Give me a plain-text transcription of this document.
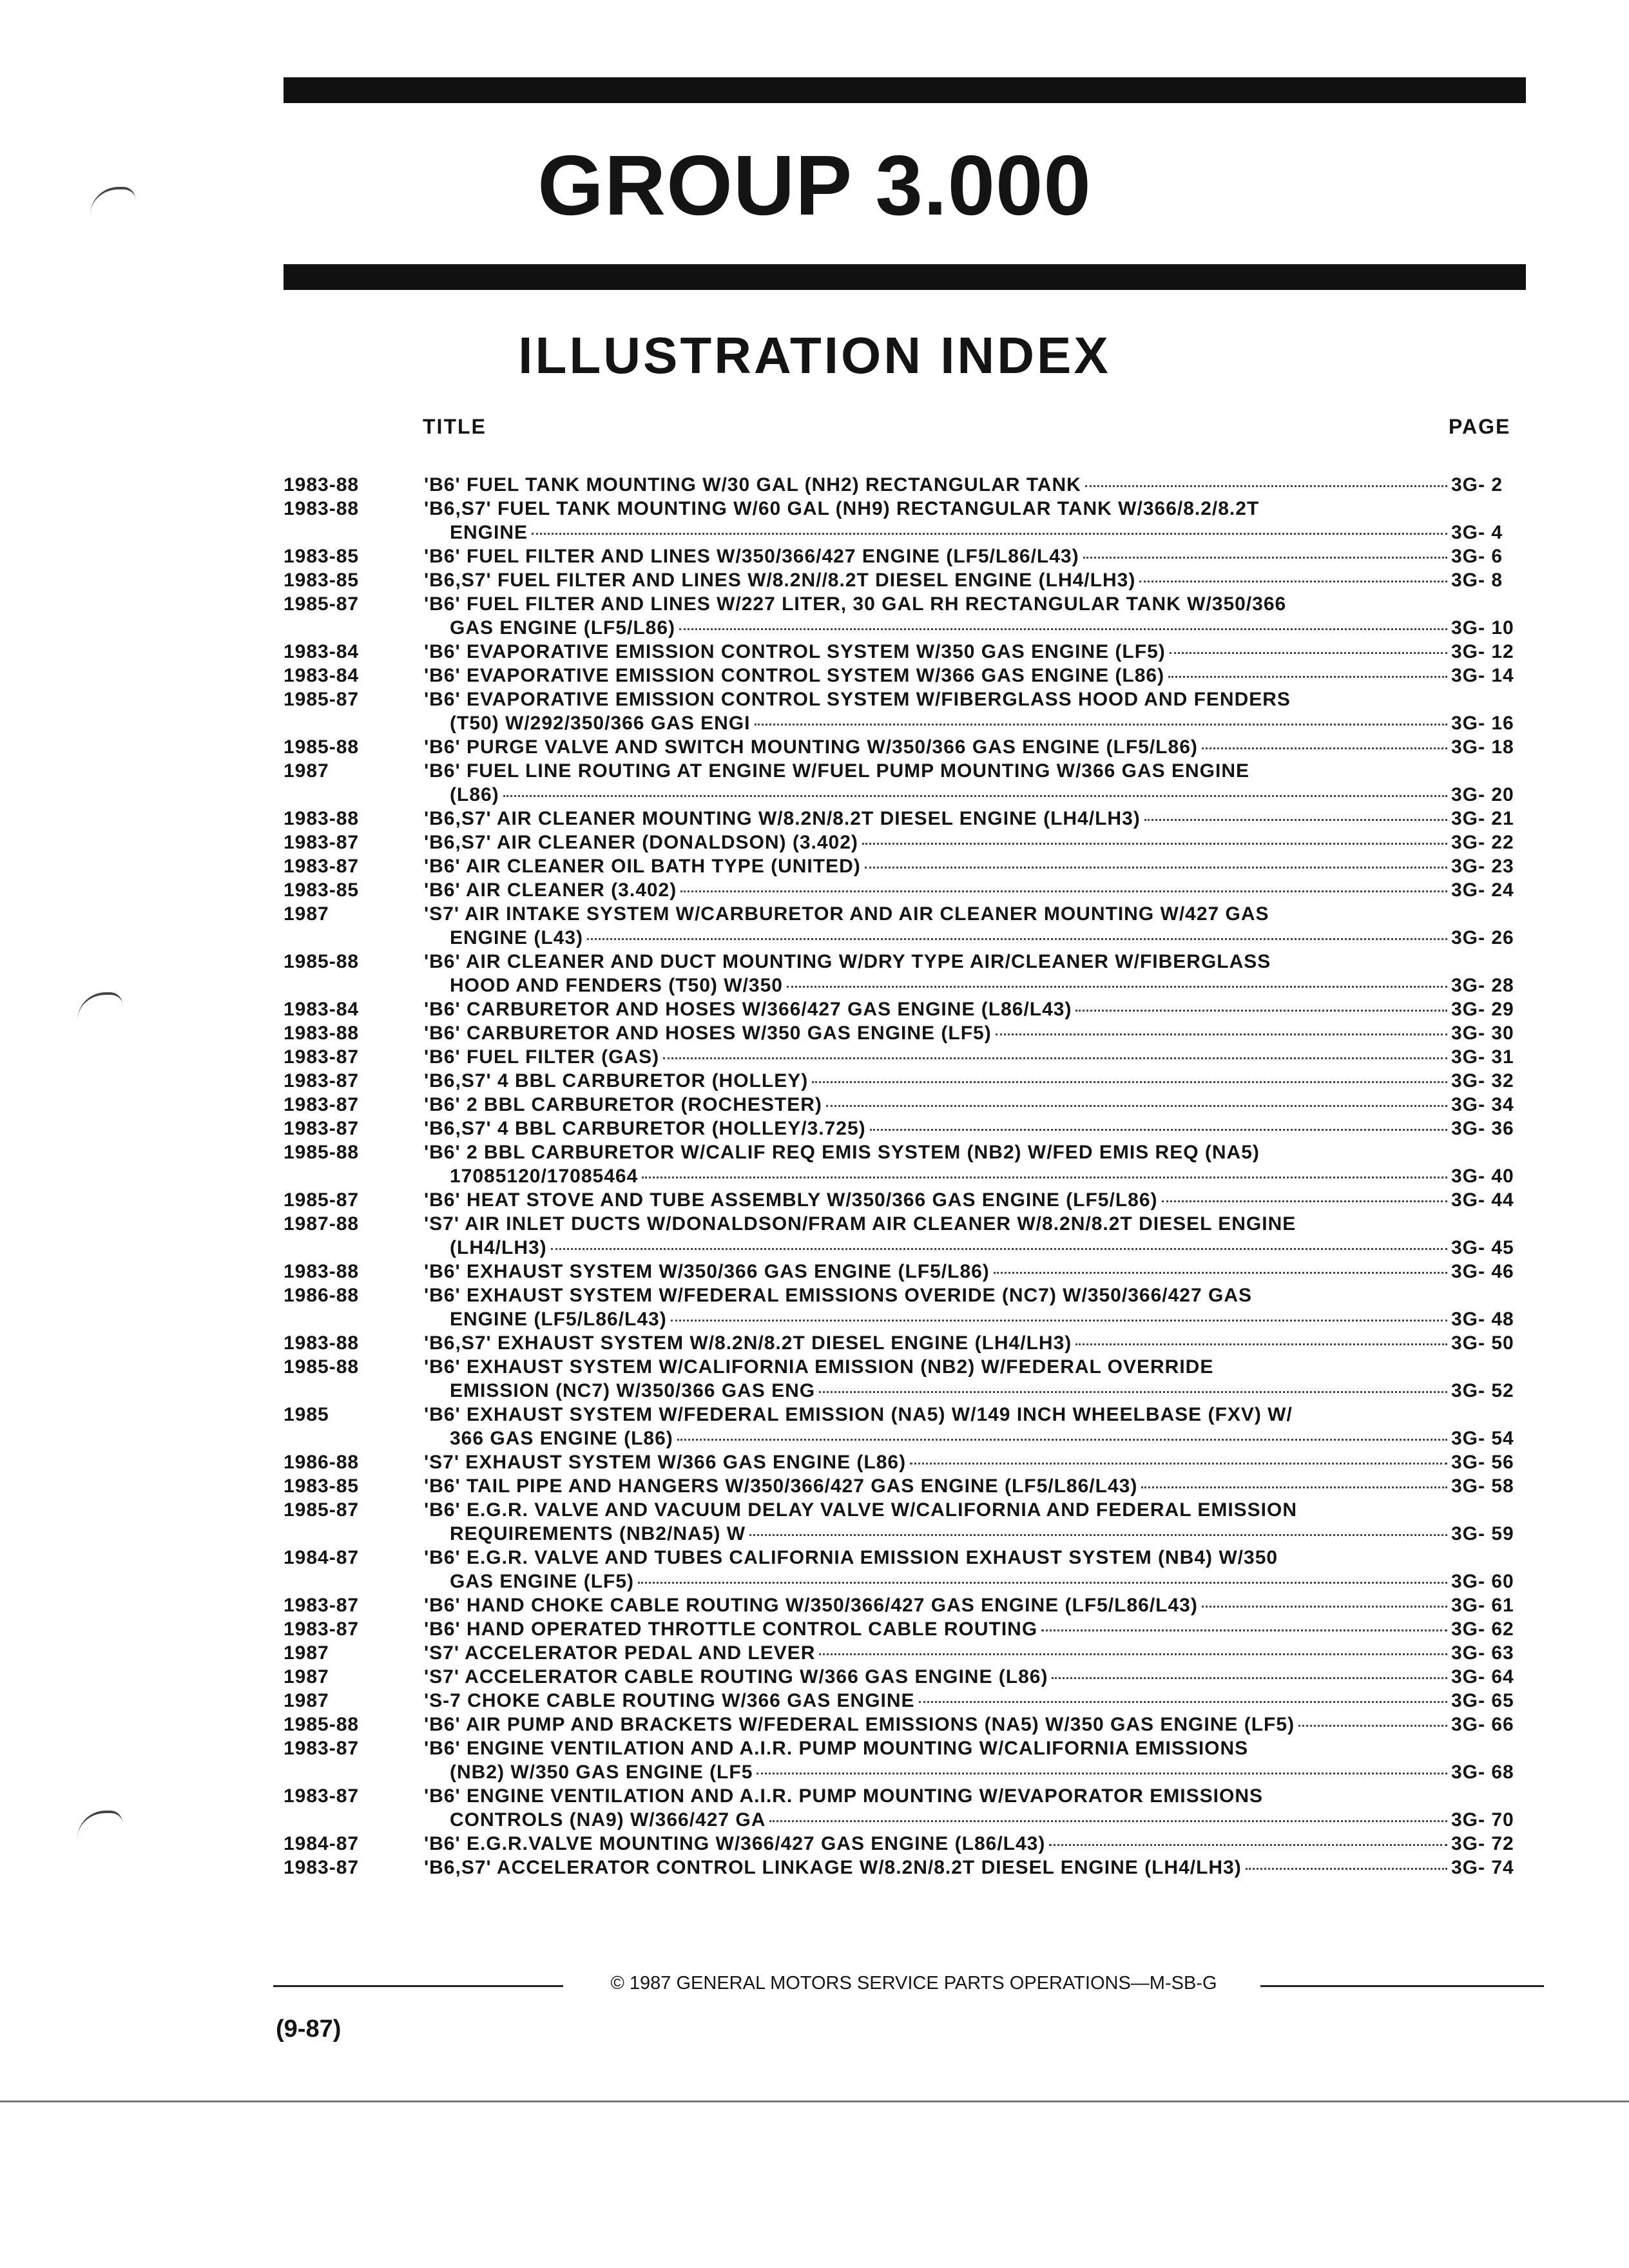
GROUP 3.000
ILLUSTRATION INDEX
TITLE	PAGE
1983-88	'B6' FUEL TANK MOUNTING W/30 GAL (NH2) RECTANGULAR TANK	3G- 2
1983-88	'B6,S7' FUEL TANK MOUNTING W/60 GAL (NH9) RECTANGULAR TANK W/366/8.2/8.2T
ENGINE	3G- 4
1983-85	'B6' FUEL FILTER AND LINES W/350/366/427 ENGINE (LF5/L86/L43)	3G- 6
1983-85	'B6,S7' FUEL FILTER AND LINES W/8.2N//8.2T DIESEL ENGINE (LH4/LH3)	3G- 8
1985-87	'B6' FUEL FILTER AND LINES W/227 LITER, 30 GAL RH RECTANGULAR TANK W/350/366
GAS ENGINE (LF5/L86)	3G- 10
1983-84	'B6' EVAPORATIVE EMISSION CONTROL SYSTEM W/350 GAS ENGINE (LF5)	3G- 12
1983-84	'B6' EVAPORATIVE EMISSION CONTROL SYSTEM W/366 GAS ENGINE (L86)	3G- 14
1985-87	'B6' EVAPORATIVE EMISSION CONTROL SYSTEM W/FIBERGLASS HOOD AND FENDERS
(T50) W/292/350/366 GAS ENGI	3G- 16
1985-88	'B6' PURGE VALVE AND SWITCH MOUNTING W/350/366 GAS ENGINE (LF5/L86)	3G- 18
1987	'B6' FUEL LINE ROUTING AT ENGINE W/FUEL PUMP MOUNTING W/366 GAS ENGINE
(L86)	3G- 20
1983-88	'B6,S7' AIR CLEANER MOUNTING W/8.2N/8.2T DIESEL ENGINE (LH4/LH3)	3G- 21
1983-87	'B6,S7' AIR CLEANER (DONALDSON) (3.402)	3G- 22
1983-87	'B6' AIR CLEANER OIL BATH TYPE (UNITED)	3G- 23
1983-85	'B6' AIR CLEANER (3.402)	3G- 24
1987	'S7' AIR INTAKE SYSTEM W/CARBURETOR AND AIR CLEANER MOUNTING W/427 GAS
ENGINE (L43)	3G- 26
1985-88	'B6' AIR CLEANER AND DUCT MOUNTING W/DRY TYPE AIR/CLEANER W/FIBERGLASS
HOOD AND FENDERS (T50) W/350	3G- 28
1983-84	'B6' CARBURETOR AND HOSES W/366/427 GAS ENGINE (L86/L43)	3G- 29
1983-88	'B6' CARBURETOR AND HOSES W/350 GAS ENGINE (LF5)	3G- 30
1983-87	'B6' FUEL FILTER (GAS)	3G- 31
1983-87	'B6,S7' 4 BBL CARBURETOR (HOLLEY)	3G- 32
1983-87	'B6' 2 BBL CARBURETOR (ROCHESTER)	3G- 34
1983-87	'B6,S7' 4 BBL CARBURETOR (HOLLEY/3.725)	3G- 36
1985-88	'B6' 2 BBL CARBURETOR W/CALIF REQ EMIS SYSTEM (NB2) W/FED EMIS REQ (NA5)
17085120/17085464	3G- 40
1985-87	'B6' HEAT STOVE AND TUBE ASSEMBLY W/350/366 GAS ENGINE (LF5/L86)	3G- 44
1987-88	'S7' AIR INLET DUCTS W/DONALDSON/FRAM AIR CLEANER W/8.2N/8.2T DIESEL ENGINE
(LH4/LH3)	3G- 45
1983-88	'B6' EXHAUST SYSTEM W/350/366 GAS ENGINE (LF5/L86)	3G- 46
1986-88	'B6' EXHAUST SYSTEM W/FEDERAL EMISSIONS OVERIDE (NC7) W/350/366/427 GAS
ENGINE (LF5/L86/L43)	3G- 48
1983-88	'B6,S7' EXHAUST SYSTEM W/8.2N/8.2T DIESEL ENGINE (LH4/LH3)	3G- 50
1985-88	'B6' EXHAUST SYSTEM W/CALIFORNIA EMISSION (NB2) W/FEDERAL OVERRIDE
EMISSION (NC7) W/350/366 GAS ENG	3G- 52
1985	'B6' EXHAUST SYSTEM W/FEDERAL EMISSION (NA5) W/149 INCH WHEELBASE (FXV) W/
366 GAS ENGINE (L86)	3G- 54
1986-88	'S7' EXHAUST SYSTEM W/366 GAS ENGINE (L86)	3G- 56
1983-85	'B6' TAIL PIPE AND HANGERS W/350/366/427 GAS ENGINE (LF5/L86/L43)	3G- 58
1985-87	'B6' E.G.R. VALVE AND VACUUM DELAY VALVE W/CALIFORNIA AND FEDERAL EMISSION
REQUIREMENTS (NB2/NA5) W	3G- 59
1984-87	'B6' E.G.R. VALVE AND TUBES CALIFORNIA EMISSION EXHAUST SYSTEM (NB4) W/350
GAS ENGINE (LF5)	3G- 60
1983-87	'B6' HAND CHOKE CABLE ROUTING W/350/366/427 GAS ENGINE (LF5/L86/L43)	3G- 61
1983-87	'B6' HAND OPERATED THROTTLE CONTROL CABLE ROUTING	3G- 62
1987	'S7' ACCELERATOR PEDAL AND LEVER	3G- 63
1987	'S7' ACCELERATOR CABLE ROUTING W/366 GAS ENGINE (L86)	3G- 64
1987	'S-7 CHOKE CABLE ROUTING W/366 GAS ENGINE	3G- 65
1985-88	'B6' AIR PUMP AND BRACKETS W/FEDERAL EMISSIONS (NA5) W/350 GAS ENGINE (LF5)	3G- 66
1983-87	'B6' ENGINE VENTILATION AND A.I.R. PUMP MOUNTING W/CALIFORNIA EMISSIONS
(NB2) W/350 GAS ENGINE (LF5	3G- 68
1983-87	'B6' ENGINE VENTILATION AND A.I.R. PUMP MOUNTING W/EVAPORATOR EMISSIONS
CONTROLS (NA9) W/366/427 GA	3G- 70
1984-87	'B6' E.G.R.VALVE MOUNTING W/366/427 GAS ENGINE (L86/L43)	3G- 72
1983-87	'B6,S7' ACCELERATOR CONTROL LINKAGE W/8.2N/8.2T DIESEL ENGINE (LH4/LH3)	3G- 74
© 1987 GENERAL MOTORS SERVICE PARTS OPERATIONS—M-SB-G
(9-87)
